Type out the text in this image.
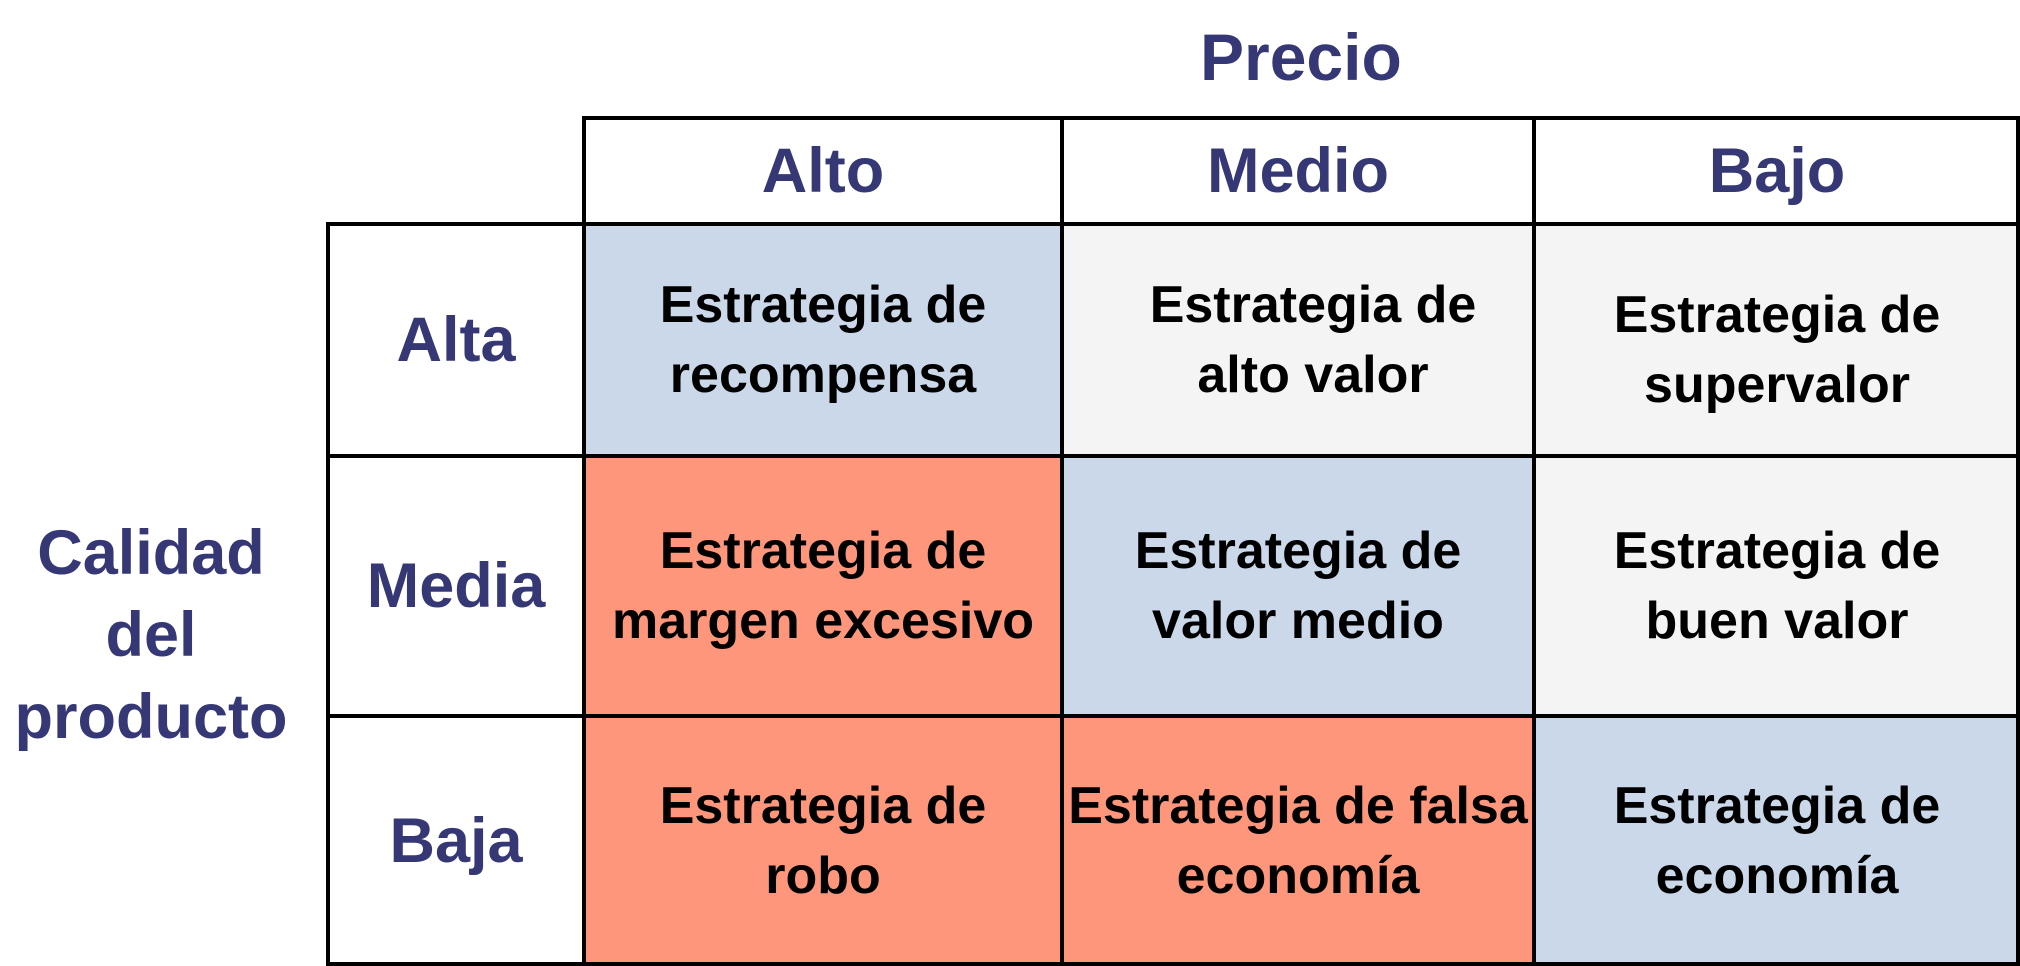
Precio
Calidad del
producto
Alto	Medio	Bajo
Alta
Media
Baja
Estrategia de
recompensa
Estrategia de
alto valor
Estrategia de
supervalor
Estrategia de
margen excesivo
Estrategia de
valor medio
Estrategia de
buen valor
Estrategia de
robo
Estrategia de falsa
economía
Estrategia de
economía
